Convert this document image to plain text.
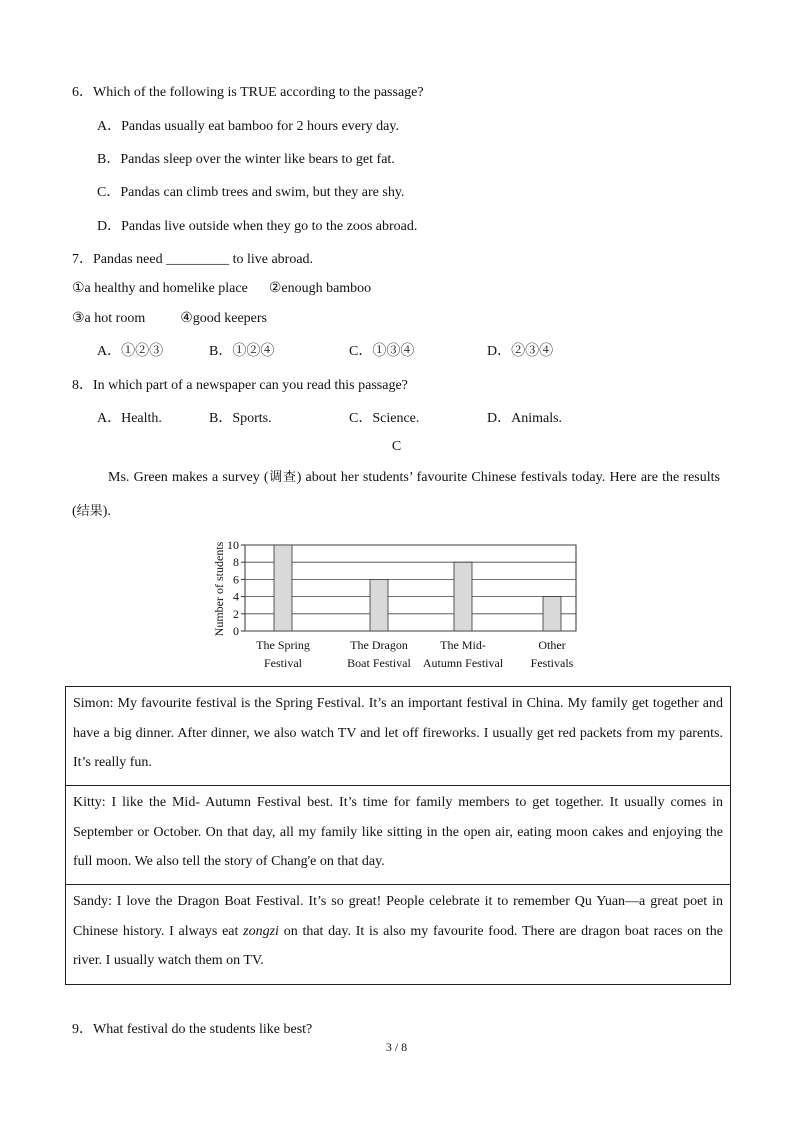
6．Which of the following is TRUE according to the passage?
A．Pandas usually eat bamboo for 2 hours every day.
B．Pandas sleep over the winter like bears to get fat.
C．Pandas can climb trees and swim, but they are shy.
D．Pandas live outside when they go to the zoos abroad.
7．Pandas need _________ to live abroad.
①a healthy and homelike place      ②enough bamboo
③a hot room          ④good keepers
A．①②③	B．①②④	C．①③④	D．②③④
8．In which part of a newspaper can you read this passage?
A．Health.	B．Sports.	C．Science.	D．Animals.
C
Ms. Green makes a survey (调查) about her students’ favourite Chinese festivals today. Here are the results (结果).
Number of students 0
2
4
6
8
10
The Spring
Festival
The Dragon
Boat Festival
The Mid-
Autumn Festival
Other
Festivals

Simon: My favourite festival is the Spring Festival. It’s an important festival in China. My family get together and have a big dinner. After dinner, we also watch TV and let off fireworks. I usually get red packets from my parents. It’s really fun.

Kitty: I like the Mid- Autumn Festival best. It’s time for family members to get together. It usually comes in September or October. On that day, all my family like sitting in the open air, eating moon cakes and enjoying the full moon. We also tell the story of Chang'e on that day.

Sandy: I love the Dragon Boat Festival. It’s so great! People celebrate it to remember Qu Yuan—a great poet in Chinese history. I always eat zongzi on that day. It is also my favourite food. There are dragon boat races on the river. I usually watch them on TV.

9．What festival do the students like best?
3 / 8
